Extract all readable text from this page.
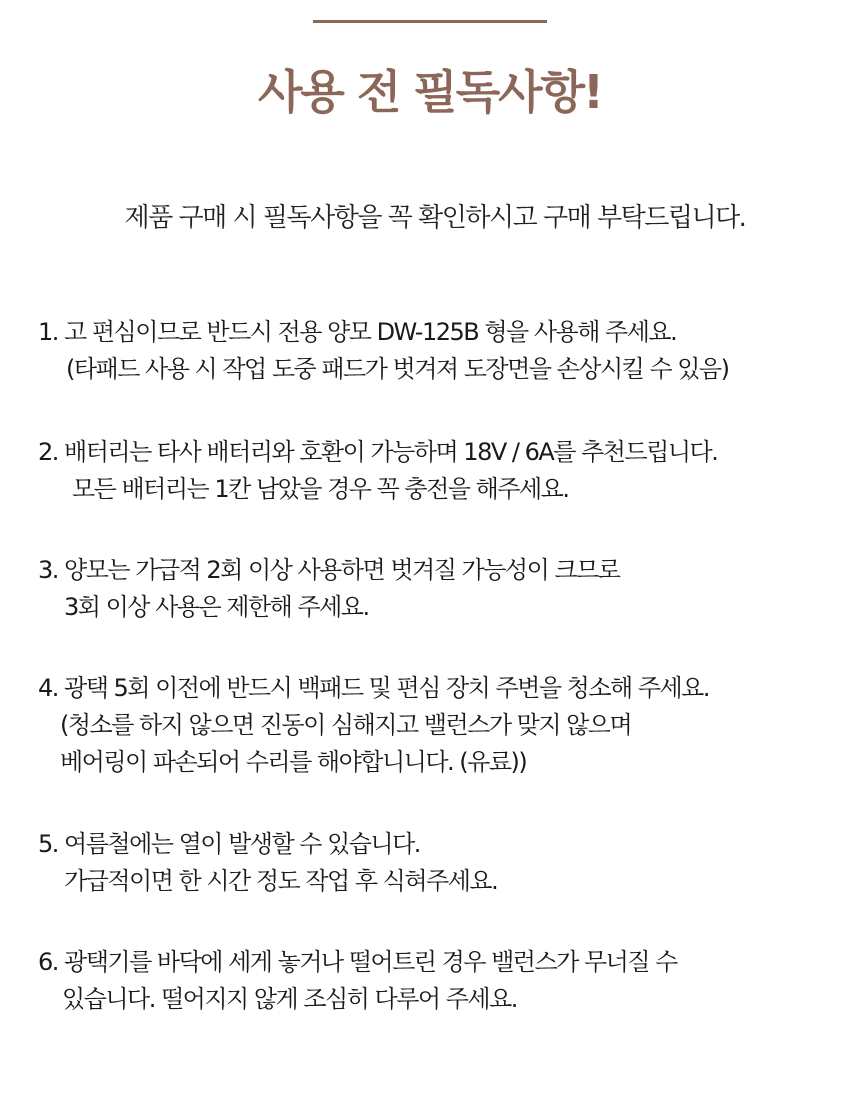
사용 전 필독사항!
제품 구매 시 필독사항을 꼭 확인하시고 구매 부탁드립니다.
1. 고 편심이므로 반드시 전용 양모 DW-125B 형을 사용해 주세요.
(타패드 사용 시 작업 도중 패드가 벗겨져 도장면을 손상시킬 수 있음)
2. 배터리는 타사 배터리와 호환이 가능하며 18V / 6A를 추천드립니다.
모든 배터리는 1칸 남았을 경우 꼭 충전을 해주세요.
3. 양모는 가급적 2회 이상 사용하면 벗겨질 가능성이 크므로
3회 이상 사용은 제한해 주세요.
4. 광택 5회 이전에 반드시 백패드 및 편심 장치 주변을 청소해 주세요.
(청소를 하지 않으면 진동이 심해지고 밸런스가 맞지 않으며
베어링이 파손되어 수리를 해야합니니다. (유료))
5. 여름철에는 열이 발생할 수 있습니다.
가급적이면 한 시간 정도 작업 후 식혀주세요.
6. 광택기를 바닥에 세게 놓거나 떨어트린 경우 밸런스가 무너질 수
있습니다. 떨어지지 않게 조심히 다루어 주세요.
